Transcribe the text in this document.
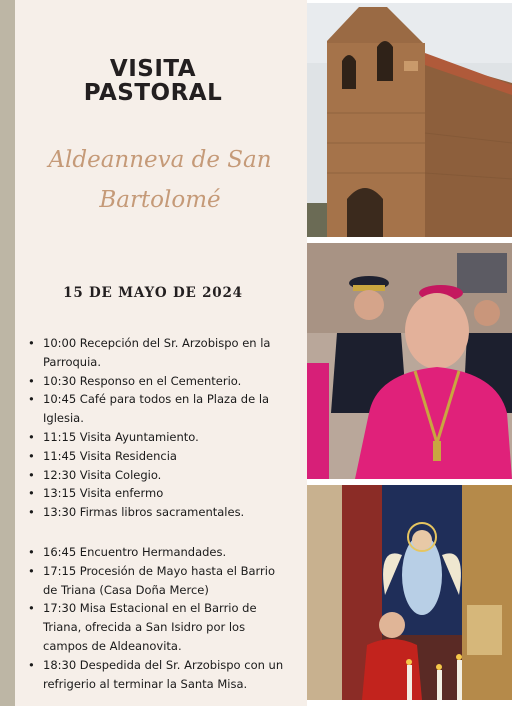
VISITA
PASTORAL
Aldeanneva de San
Bartolomé
15 DE MAYO DE 2024
• 10:00 Recepción del Sr. Arzobispo en la Parroquia.
• 10:30 Responso en el Cementerio.
• 10:45 Café para todos en la Plaza de la Iglesia.
• 11:15 Visita Ayuntamiento.
• 11:45 Visita Residencia
• 12:30 Visita Colegio.
• 13:15 Visita enfermo
• 13:30 Firmas libros sacramentales.
• 16:45 Encuentro Hermandades.
• 17:15 Procesión de Mayo hasta el Barrio de Triana (Casa Doña Merce)
• 17:30 Misa Estacional en el Barrio de Triana, ofrecida a San Isidro por los campos de Aldeanovita.
• 18:30 Despedida del Sr. Arzobispo con un refrigerio al terminar la Santa Misa.
